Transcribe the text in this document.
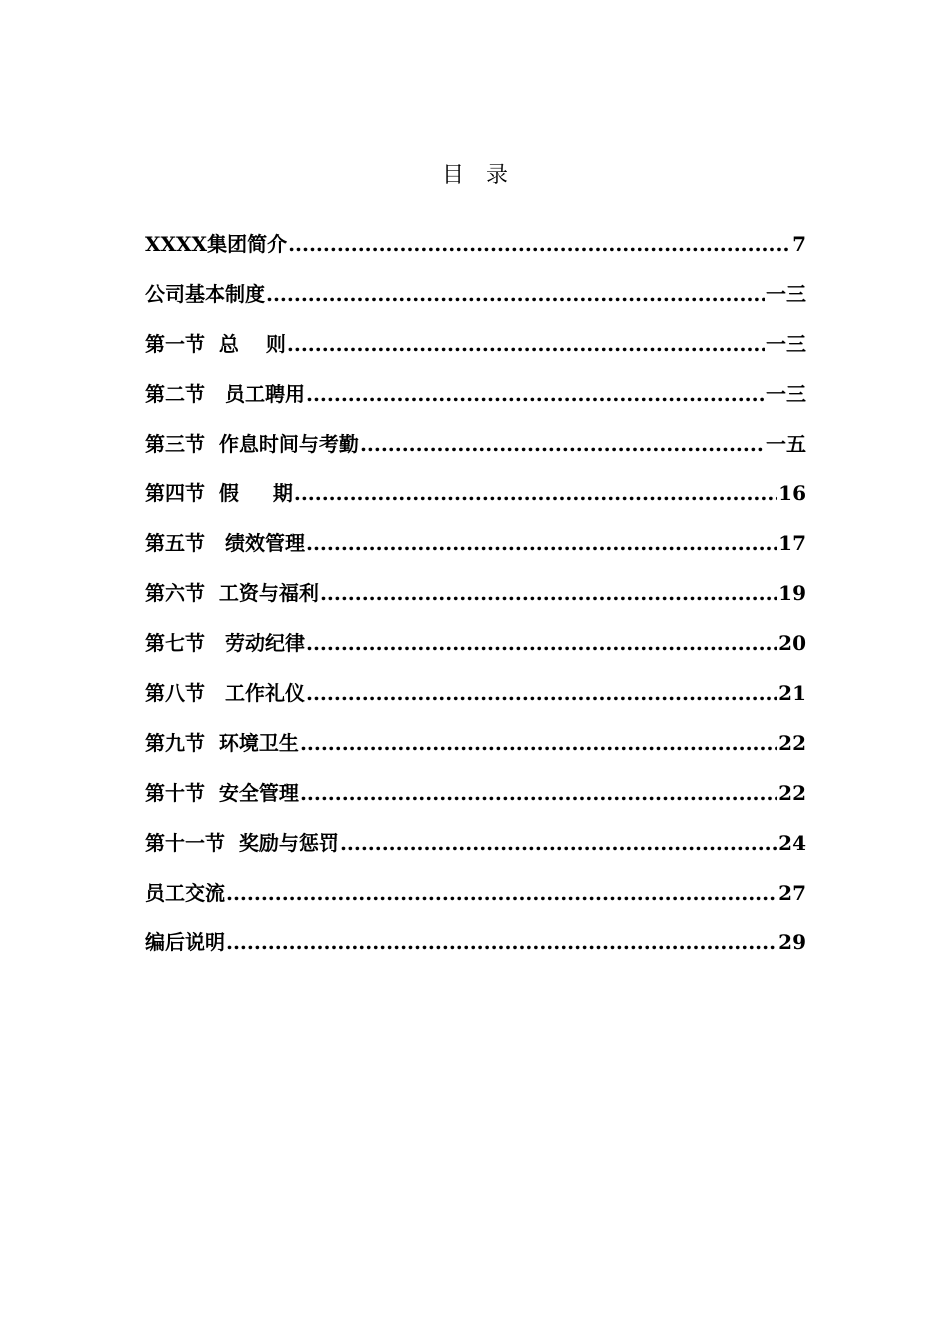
目　录
XXXX集团简介 .....	7
公司基本制度 .....	一三
第一节  总　 则 .....	一三
第二节　员工聘用 .....	一三
第三节  作息时间与考勤 .....	一五
第四节  假　  期 .....	16
第五节　绩效管理 .....	17
第六节  工资与福利 .....	19
第七节　劳动纪律 .....	20
第八节　工作礼仪 .....	21
第九节  环境卫生 .....	22
第十节  安全管理 .....	22
第十一节  奖励与惩罚 .....	24
员工交流 .....	27
编后说明 .....	29
